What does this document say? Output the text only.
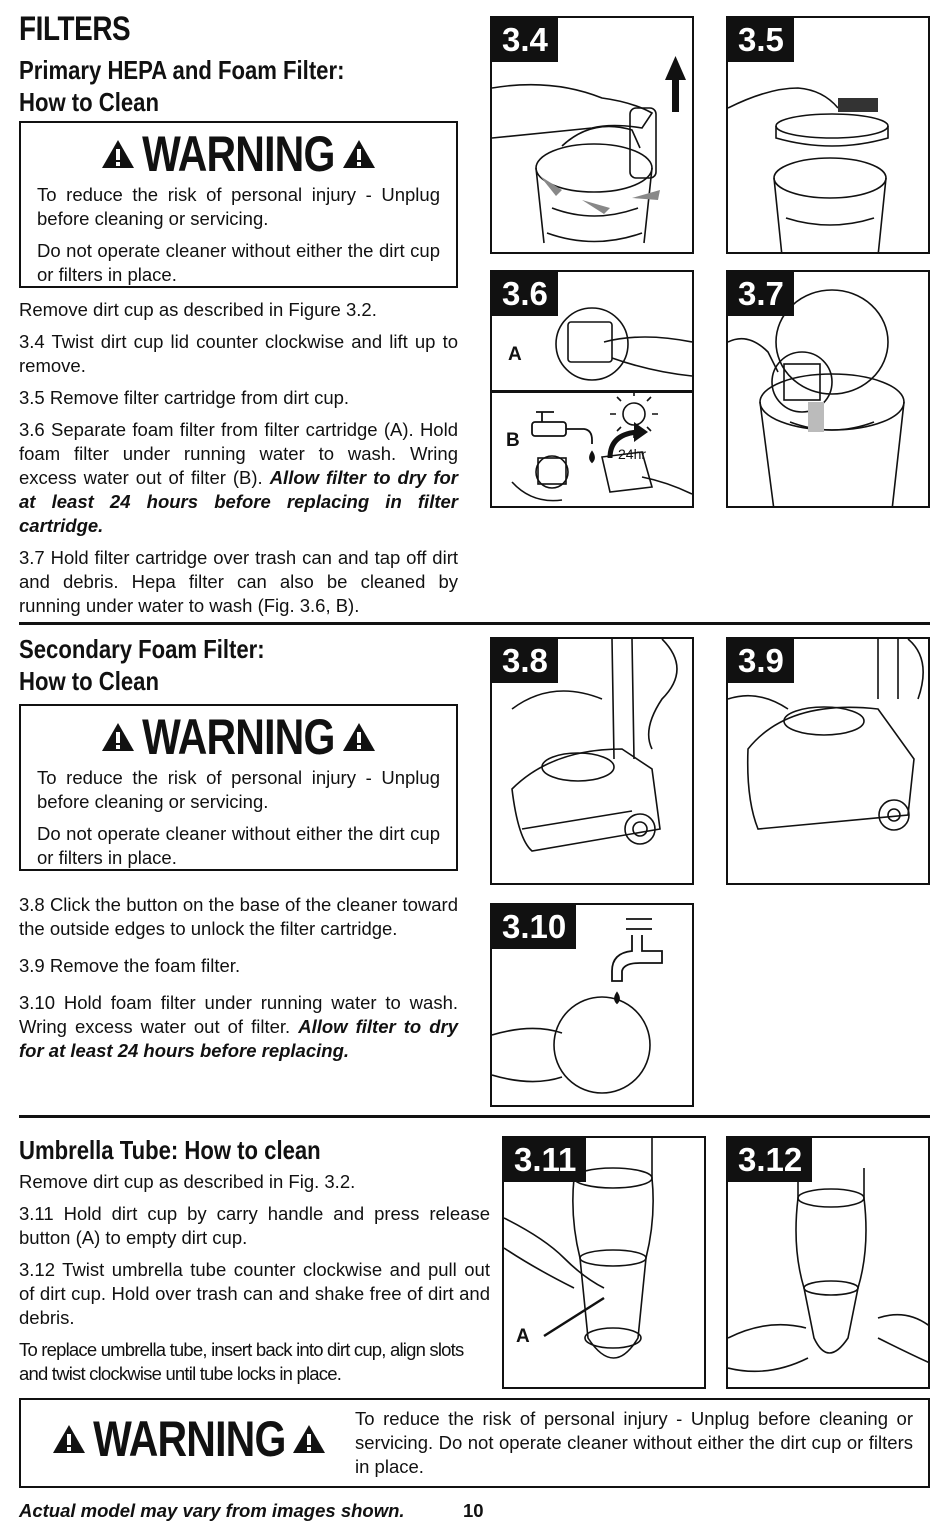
FILTERS
Primary HEPA and Foam Filter:
How to Clean
WARNING

To reduce the risk of personal injury - Unplug before cleaning or servicing.

Do not operate cleaner without either the dirt cup or filters in place.

Remove dirt cup as described in Figure 3.2.

3.4 Twist dirt cup lid counter clockwise and lift up to remove.

3.5 Remove filter cartridge from dirt cup.

3.6 Separate foam filter from filter cartridge (A). Hold foam filter under running water to wash. Wring excess water out of filter (B). Allow filter to dry for at least 24 hours before replacing in filter cartridge.

3.7 Hold filter cartridge over trash can and tap off dirt and debris. Hepa filter can also be cleaned by running under water to wash (Fig. 3.6, B).

3.4	3.5
3.6
A
B
24hr
3.7
Secondary Foam Filter:
How to Clean
WARNING

To reduce the risk of personal injury - Unplug before cleaning or servicing.

Do not operate cleaner without either the dirt cup or filters in place.

3.8 Click the button on the base of the cleaner toward the outside edges to unlock the filter cartridge.

3.9 Remove the foam filter.

3.10 Hold foam filter under running water to wash. Wring excess water out of filter. Allow filter to dry for at least 24 hours before replacing.

3.8	3.9
3.10
Umbrella Tube: How to clean

Remove dirt cup as described in Fig. 3.2.

3.11 Hold dirt cup by carry handle and press release button (A) to empty dirt cup.

3.12 Twist umbrella tube counter clockwise and pull out of dirt cup. Hold over trash can and shake free of dirt and debris.

To replace umbrella tube, insert back into dirt cup, align slots and twist clockwise until tube locks in place.

3.11
A
3.12
WARNING	To reduce the risk of personal injury - Unplug before cleaning or servicing. Do not operate cleaner without either the dirt cup or filters in place.

Actual model may vary from images shown.	10
